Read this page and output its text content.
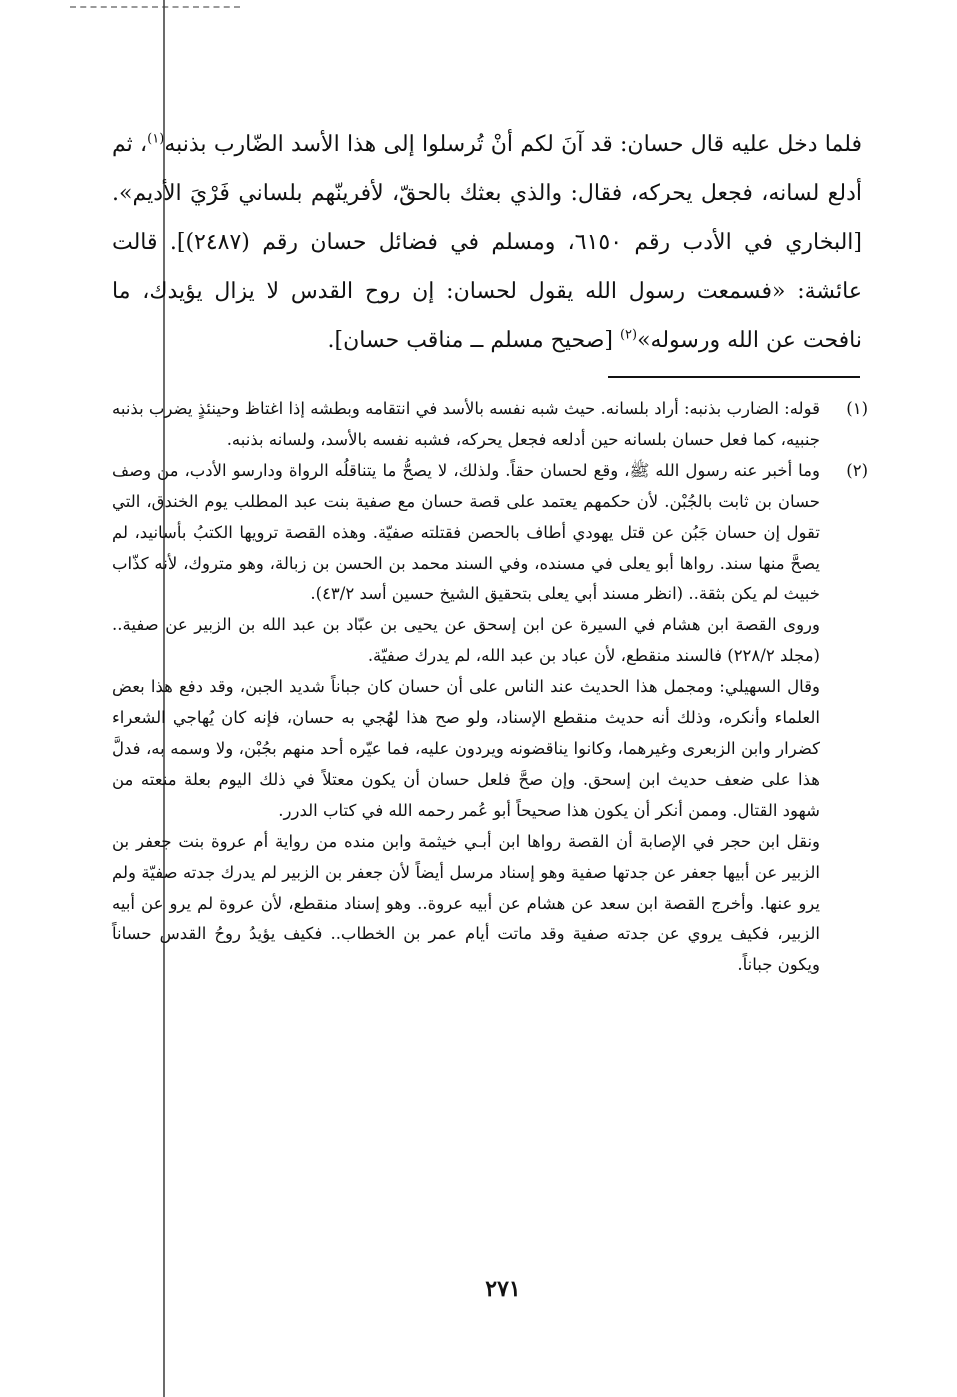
فلما دخل عليه قال حسان: قد آنَ لكم أنْ تُرسلوا إلى هذا الأسد الضّارب بذنبه$^{(١)}$، ثم أدلع لسانه، فجعل يحركه، فقال: والذي بعثك بالحقّ، لأفرينّهم بلساني فَرْيَ الأديم». [البخاري في الأدب رقم ٦١٥٠، ومسلم في فضائل حسان رقم (٢٤٨٧)]. قالت عائشة: «فسمعت رسول الله يقول لحسان: إن روح القدس لا يزال يؤيدك، ما نافحت عن الله ورسوله»$^{(٢)}$ [صحيح مسلم ــ مناقب حسان].

(١)

قوله: الضارب بذنبه: أراد بلسانه. حيث شبه نفسه بالأسد في انتقامه وبطشه إذا اغتاظ وحينئذٍ يضرب بذنبه جنبيه، كما فعل حسان بلسانه حين أدلعه فجعل يحركه، فشبه نفسه بالأسد، ولسانه بذنبه.

(٢)

وما أخبر عنه رسول الله ﷺ، وقع لحسان حقاً. ولذلك، لا يصحُّ ما يتناقلُه الرواة ودارسو الأدب، من وصف حسان بن ثابت بالجُبْن. لأن حكمهم يعتمد على قصة حسان مع صفية بنت عبد المطلب يوم الخندق، التي تقول إن حسان جَبُن عن قتل يهودي أطاف بالحصن فقتلته صفيّة. وهذه القصة ترويها الكتبُ بأسانيد، لم يصحَّ منها سند. رواها أبو يعلى في مسنده، وفي السند محمد بن الحسن بن زبالة، وهو متروك، لأنه كذّاب خبيث لم يكن بثقة.. (انظر مسند أبي يعلى بتحقيق الشيخ حسين أسد ٤٣/٢).

وروى القصة ابن هشام في السيرة عن ابن إسحق عن يحيى بن عبّاد بن عبد الله بن الزبير عن صفية.. (مجلد ٢٢٨/٢) فالسند منقطع، لأن عباد بن عبد الله، لم يدرك صفيّة.

وقال السهيلي: ومجمل هذا الحديث عند الناس على أن حسان كان جباناً شديد الجبن، وقد دفع هذا بعض العلماء وأنكره، وذلك أنه حديث منقطع الإسناد، ولو صح هذا لهُجي به حسان، فإنه كان يُهاجي الشعراء كضرار وابن الزبعرى وغيرهما، وكانوا يناقضونه ويردون عليه، فما عيّره أحد منهم بجُبْن، ولا وسمه به، فدلَّ هذا على ضعف حديث ابن إسحق. وإن صحَّ فلعل حسان أن يكون معتلاً في ذلك اليوم بعلة منعته من شهود القتال. وممن أنكر أن يكون هذا صحيحاً أبو عُمر رحمه الله في كتاب الدرر.

ونقل ابن حجر في الإصابة أن القصة رواها ابن أبـي خيثمة وابن منده من رواية أم عروة بنت جعفر بن الزبير عن أبيها جعفر عن جدتها صفية وهو إسناد مرسل أيضاً لأن جعفر بن الزبير لم يدرك جدته صفيّة ولم يرو عنها. وأخرج القصة ابن سعد عن هشام عن أبيه عروة.. وهو إسناد منقطع، لأن عروة لم يرو عن أبيه الزبير، فكيف يروي عن جدته صفية وقد ماتت أيام عمر بن الخطاب.. فكيف يؤيدُ روحُ القدس حساناً ويكون جباناً.

٢٧١
